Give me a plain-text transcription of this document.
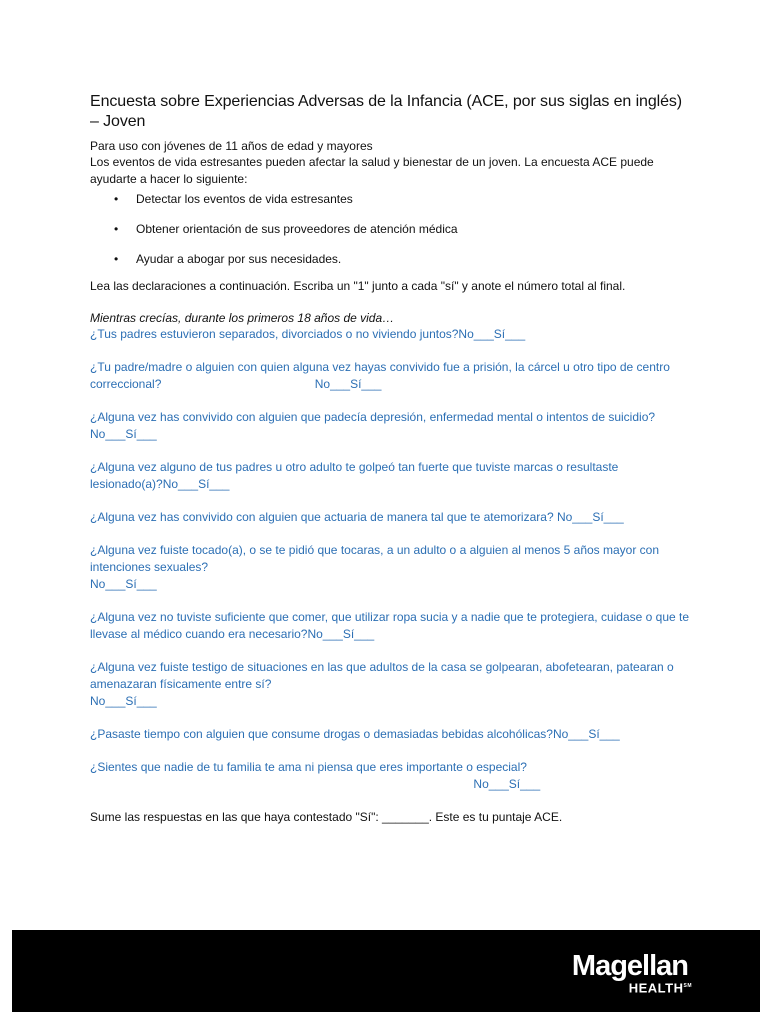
Encuesta sobre Experiencias Adversas de la Infancia (ACE, por sus siglas en inglés) – Joven
Para uso con jóvenes de 11 años de edad y mayores
Los eventos de vida estresantes pueden afectar la salud y bienestar de un joven. La encuesta ACE puede ayudarte a hacer lo siguiente:
• Detectar los eventos de vida estresantes
• Obtener orientación de sus proveedores de atención médica
• Ayudar a abogar por sus necesidades.
Lea las declaraciones a continuación. Escriba un "1" junto a cada "sí" y anote el número total al final.
Mientras crecías, durante los primeros 18 años de vida…
¿Tus padres estuvieron separados, divorciados o no viviendo juntos?No___Sí___
¿Tu padre/madre o alguien con quien alguna vez hayas convivido fue a prisión, la cárcel u otro tipo de centro correccional?                                              No___Sí___
¿Alguna vez has convivido con alguien que padecía depresión, enfermedad mental o intentos de suicidio?No___Sí___
¿Alguna vez alguno de tus padres u otro adulto te golpeó tan fuerte que tuviste marcas o resultaste lesionado(a)?No___Sí___
¿Alguna vez has convivido con alguien que actuaria de manera tal que te atemorizara? No___Sí___
¿Alguna vez fuiste tocado(a), o se te pidió que tocaras, a un adulto o a alguien al menos 5 años mayor con intenciones sexuales?
No___Sí___
¿Alguna vez no tuviste suficiente que comer, que utilizar ropa sucia y a nadie que te protegiera, cuidase o que te llevase al médico cuando era necesario?No___Sí___
¿Alguna vez fuiste testigo de situaciones en las que adultos de la casa se golpearan, abofetearan, patearan o amenazaran físicamente entre sí?
No___Sí___
¿Pasaste tiempo con alguien que consume drogas o demasiadas bebidas alcohólicas?No___Sí___
¿Sientes que nadie de tu familia te ama ni piensa que eres importante o especial?
No___Sí___
Sume las respuestas en las que haya contestado "Sí": _______. Este es tu puntaje ACE.
Magellan
HEALTH℠
